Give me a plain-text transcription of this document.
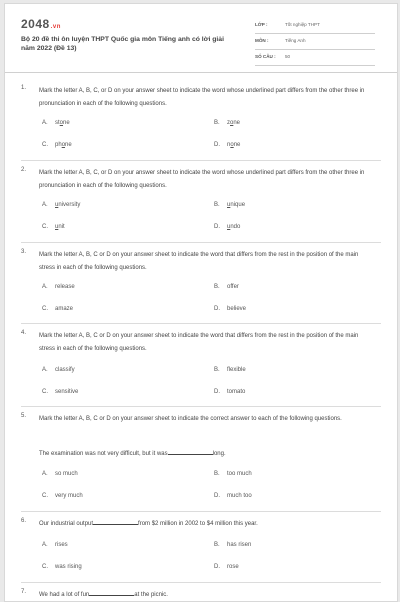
2048.vn
Bộ 20 đề thi ôn luyện THPT Quốc gia môn Tiếng anh có lời giải năm 2022 (Đề 13)
LỚP :	Tốt nghiệp THPT
MÔN :	Tiếng Anh
SỐ CÂU : 50
1. Mark the letter A, B, C, or D on your answer sheet to indicate the word whose underlined part differs from the other three in pronunciation in each of the following questions.
A. stone	B. zone
C. phone	D. none
2. Mark the letter A, B, C, or D on your answer sheet to indicate the word whose underlined part differs from the other three in pronunciation in each of the following questions.
A. university	B. unique
C. unit	D. undo
3. Mark the letter A, B, C or D on your answer sheet to indicate the word that differs from the rest in the position of the main stress in each of the following questions.
A. release	B. offer
C. amaze	D. believe
4. Mark the letter A, B, C or D on your answer sheet to indicate the word that differs from the rest in the position of the main stress in each of the following questions.
A. classify	B. flexible
C. sensitive	D. tomato
5. Mark the letter A, B, C or D on your answer sheet to indicate the correct answer to each of the following questions.
The examination was not very difficult, but it was	long.
A. so much	B. too much
C. very much	D. much too
6. Our industrial output	from $2 million in 2002 to $4 million this year.
A. rises	B. has risen
C. was rising	D. rose
7. We had a lot of fun	at the picnic.
